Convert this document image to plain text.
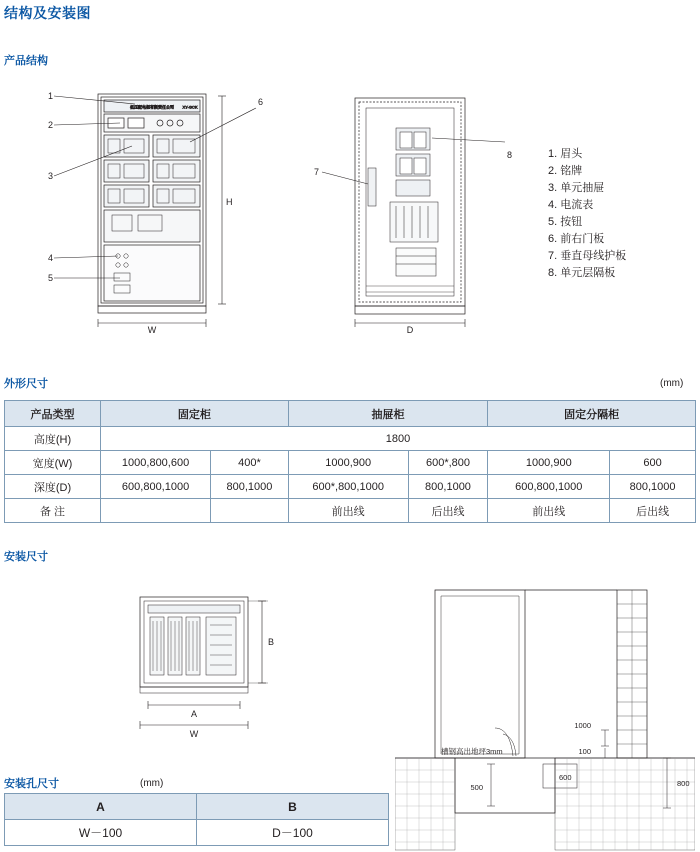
结构及安装图
产品结构
低压配电柜有限责任公司 XY-GCK
1
2
3
4
5
6
H
W
7
8
D
1. 眉头
2. 铭牌
3. 单元抽屉
4. 电流表
5. 按钮
6. 前右门板
7. 垂直母线护板
8. 单元层隔板
外形尺寸	(mm)
产品类型	固定柜		抽屉柜		固定分隔柜	
高度(H)	1800					
宽度(W)	1000,800,600	400*	1000,900	600*,800	1000,900	600
深度(D)	600,800,1000	800,1000	600*,800,1000	800,1000	600,800,1000	800,1000
备 注			前出线	后出线	前出线	后出线
安装尺寸
B
A
W
1000
100
800
600
500
槽钢高出地坪3mm
安装孔尺寸	(mm)
A	B
W－100	D－100
